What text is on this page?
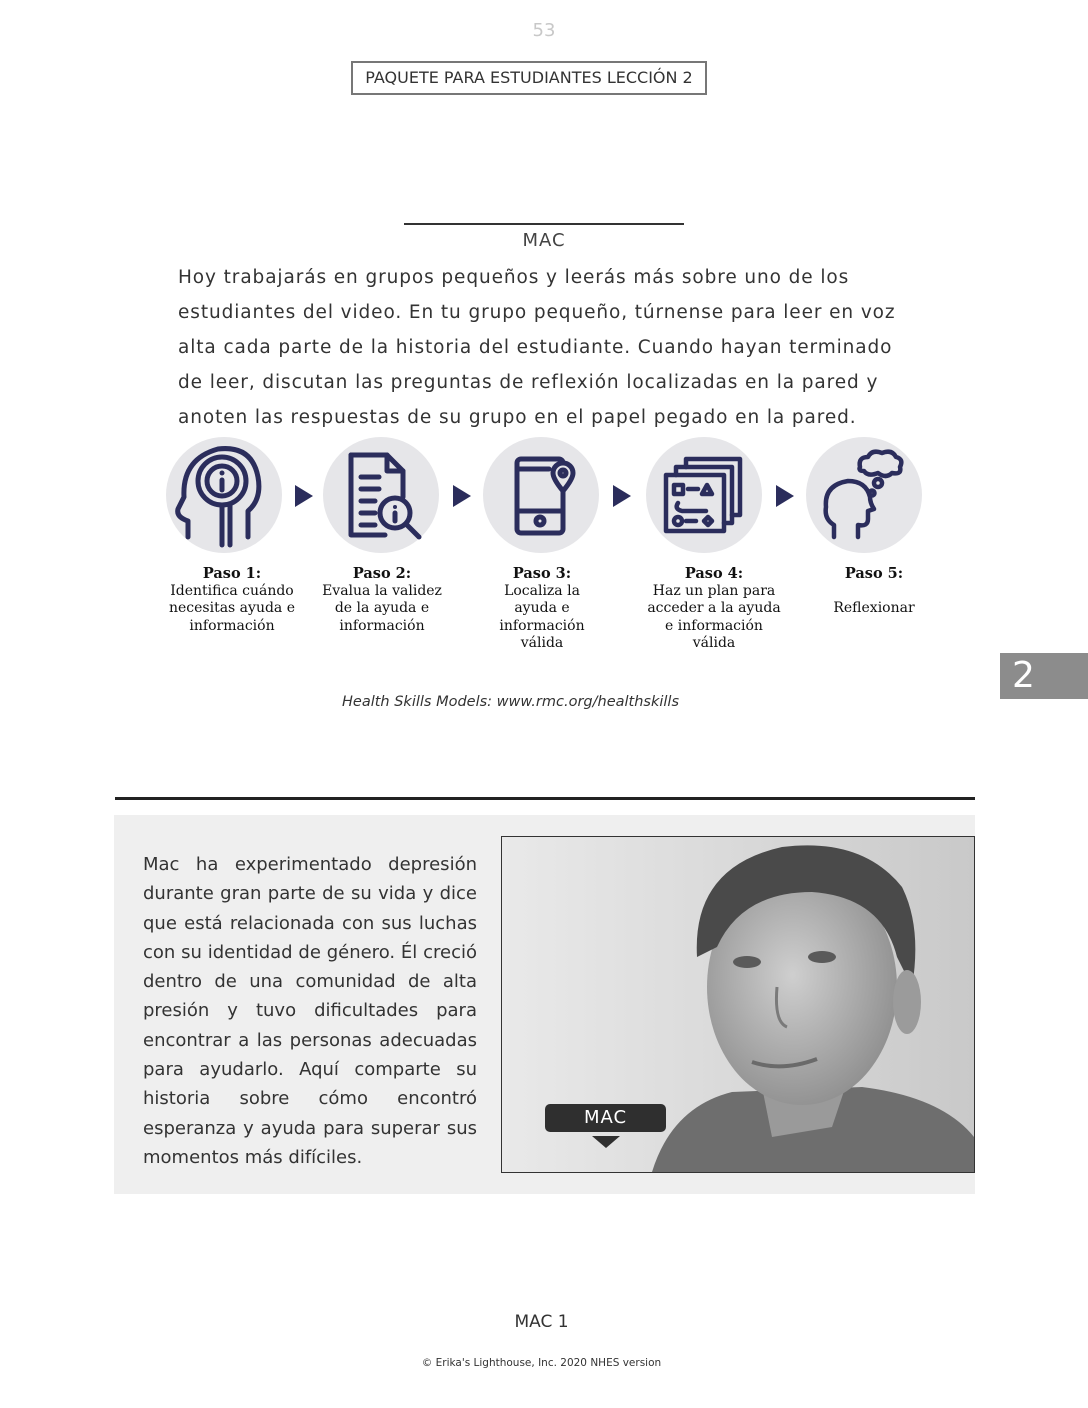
53
PAQUETE PARA ESTUDIANTES LECCIÓN 2
MAC
Hoy trabajarás en grupos pequeños y leerás más sobre uno de los estudiantes del video. En tu grupo pequeño, túrnense para leer en voz alta cada parte de la historia del estudiante. Cuando hayan terminado de leer, discutan las preguntas de reflexión localizadas en la pared y anoten las respuestas de su grupo en el papel pegado en la pared.
Paso 1:
Identifica cuándo necesitas ayuda e información
Paso 2:
Evalua la validez de la ayuda e información
Paso 3:
Localiza la ayuda e información válida
Paso 4:
Haz un plan para acceder a la ayuda e información válida
Paso 5:
Reflexionar
Health Skills Models: www.rmc.org/healthskills
2
Mac ha experimentado depresión durante gran parte de su vida y dice que está relacionada con sus luchas con su identidad de género. Él creció dentro de una comunidad de alta presión y tuvo dificultades para encontrar a las personas adecuadas para ayudarlo. Aquí comparte su historia sobre cómo encontró esperanza y ayuda para superar sus momentos más difíciles.
MAC
MAC 1
© Erika's Lighthouse, Inc. 2020 NHES version
